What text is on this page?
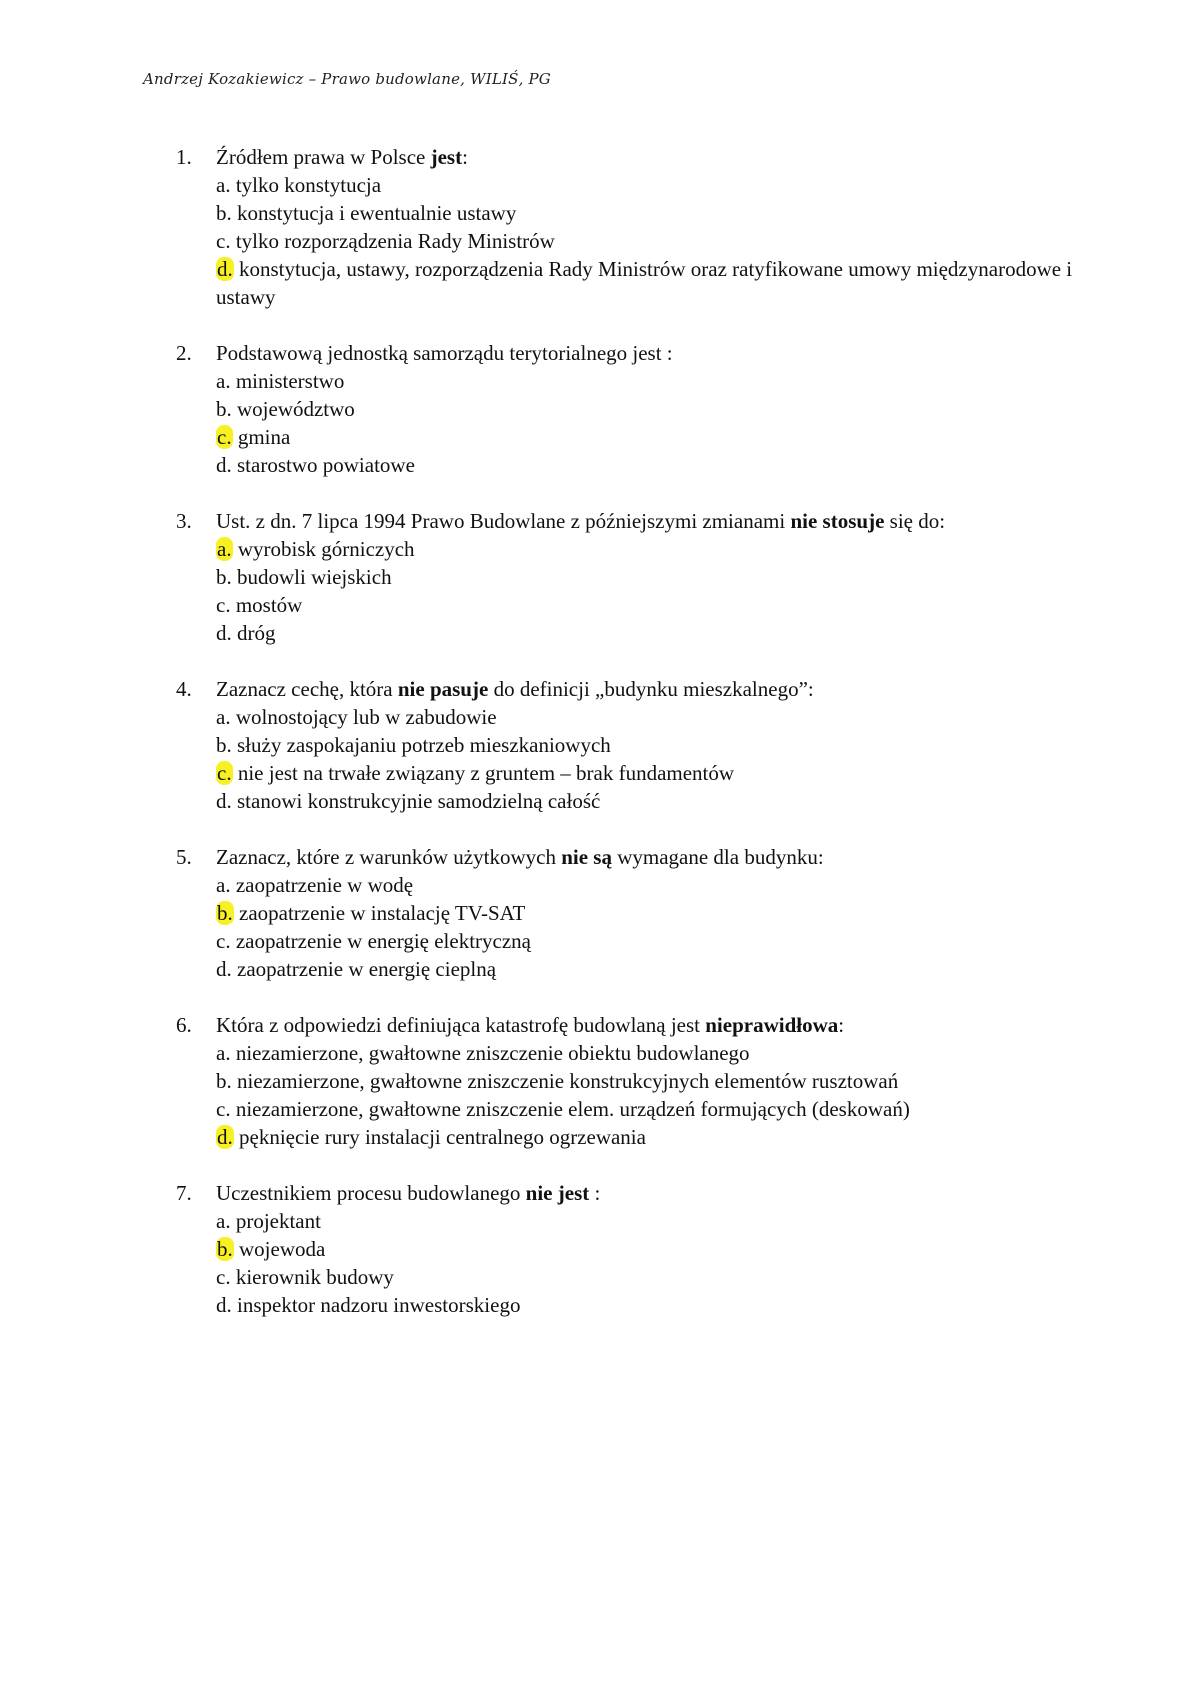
Andrzej Kozakiewicz – Prawo budowlane, WILIŚ, PG
1. Źródłem prawa w Polsce jest:
a. tylko konstytucja
b. konstytucja i ewentualnie ustawy
c. tylko rozporządzenia Rady Ministrów
d. konstytucja, ustawy, rozporządzenia Rady Ministrów oraz ratyfikowane umowy międzynarodowe i ustawy
2. Podstawową jednostką samorządu terytorialnego jest :
a. ministerstwo
b. województwo
c. gmina
d. starostwo powiatowe
3. Ust. z dn. 7 lipca 1994 Prawo Budowlane z późniejszymi zmianami nie stosuje się do:
a. wyrobisk górniczych
b. budowli wiejskich
c. mostów
d. dróg
4. Zaznacz cechę, która nie pasuje do definicji „budynku mieszkalnego”:
a. wolnostojący lub w zabudowie
b. służy zaspokajaniu potrzeb mieszkaniowych
c. nie jest na trwałe związany z gruntem – brak fundamentów
d. stanowi konstrukcyjnie samodzielną całość
5. Zaznacz, które z warunków użytkowych nie są wymagane dla budynku:
a. zaopatrzenie w wodę
b. zaopatrzenie w instalację TV-SAT
c. zaopatrzenie w energię elektryczną
d. zaopatrzenie w energię cieplną
6. Która z odpowiedzi definiująca katastrofę budowlaną jest nieprawidłowa:
a. niezamierzone, gwałtowne zniszczenie obiektu budowlanego
b. niezamierzone, gwałtowne zniszczenie konstrukcyjnych elementów rusztowań
c. niezamierzone, gwałtowne zniszczenie elem. urządzeń formujących (deskowań)
d. pęknięcie rury instalacji centralnego ogrzewania
7. Uczestnikiem procesu budowlanego nie jest :
a. projektant
b. wojewoda
c. kierownik budowy
d. inspektor nadzoru inwestorskiego
